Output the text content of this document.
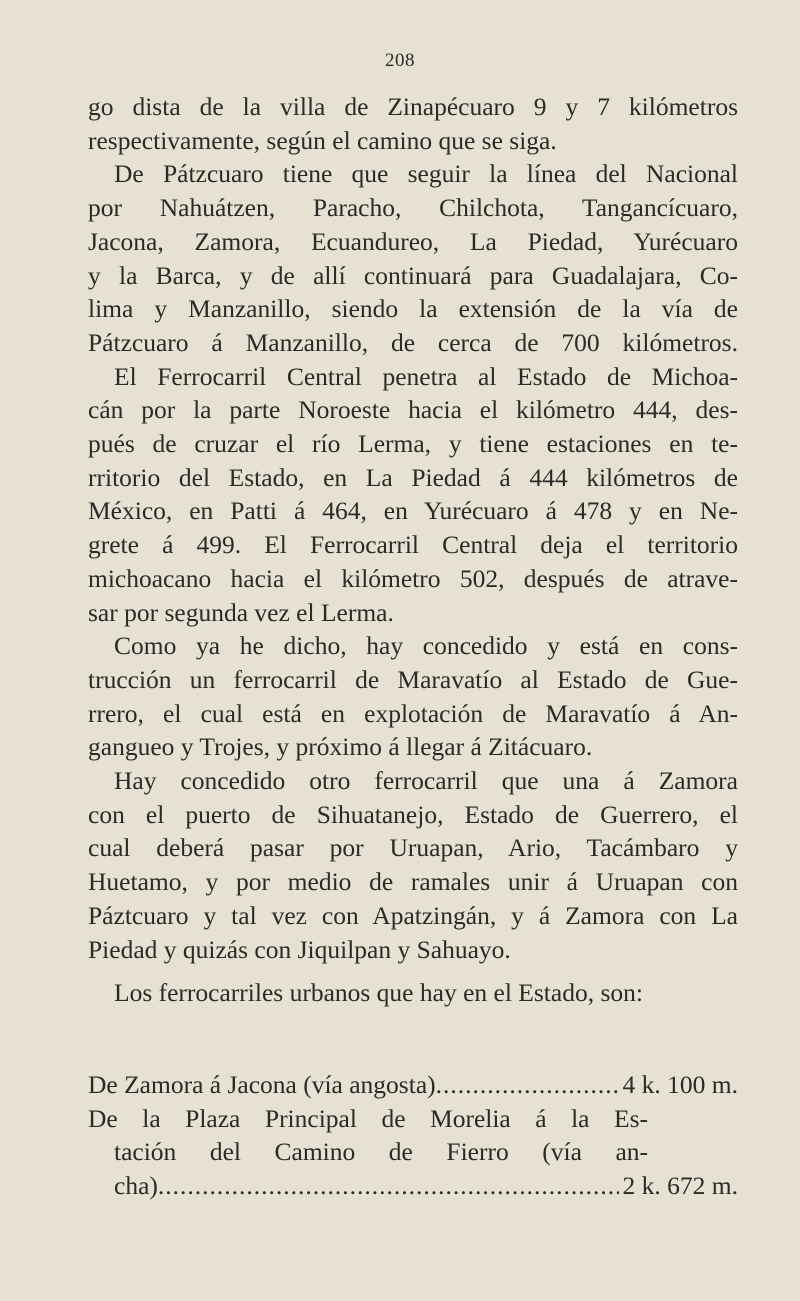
208
go dista de la villa de Zinapécuaro 9 y 7 kilómetros
respectivamente, según el camino que se siga.
De Pátzcuaro tiene que seguir la línea del Nacional
por Nahuátzen, Paracho, Chilchota, Tangancícuaro,
Jacona, Zamora, Ecuandureo, La Piedad, Yurécuaro
y la Barca, y de allí continuará para Guadalajara, Co-
lima y Manzanillo, siendo la extensión de la vía de
Pátzcuaro á Manzanillo, de cerca de 700 kilómetros.
El Ferrocarril Central penetra al Estado de Michoa-
cán por la parte Noroeste hacia el kilómetro 444, des-
pués de cruzar el río Lerma, y tiene estaciones en te-
rritorio del Estado, en La Piedad á 444 kilómetros de
México, en Patti á 464, en Yurécuaro á 478 y en Ne-
grete á 499. El Ferrocarril Central deja el territorio
michoacano hacia el kilómetro 502, después de atrave-
sar por segunda vez el Lerma.
Como ya he dicho, hay concedido y está en cons-
trucción un ferrocarril de Maravatío al Estado de Gue-
rrero, el cual está en explotación de Maravatío á An-
gangueo y Trojes, y próximo á llegar á Zitácuaro.
Hay concedido otro ferrocarril que una á Zamora
con el puerto de Sihuatanejo, Estado de Guerrero, el
cual deberá pasar por Uruapan, Ario, Tacámbaro y
Huetamo, y por medio de ramales unir á Uruapan con
Páztcuaro y tal vez con Apatzingán, y á Zamora con La
Piedad y quizás con Jiquilpan y Sahuayo.
Los ferrocarriles urbanos que hay en el Estado, son:
De Zamora á Jacona (vía angosta) .....	4 k. 100 m.
De la Plaza Principal de Morelia á la Es-
tación del Camino de Fierro (vía an-
cha) .....	2 k. 672 m.
